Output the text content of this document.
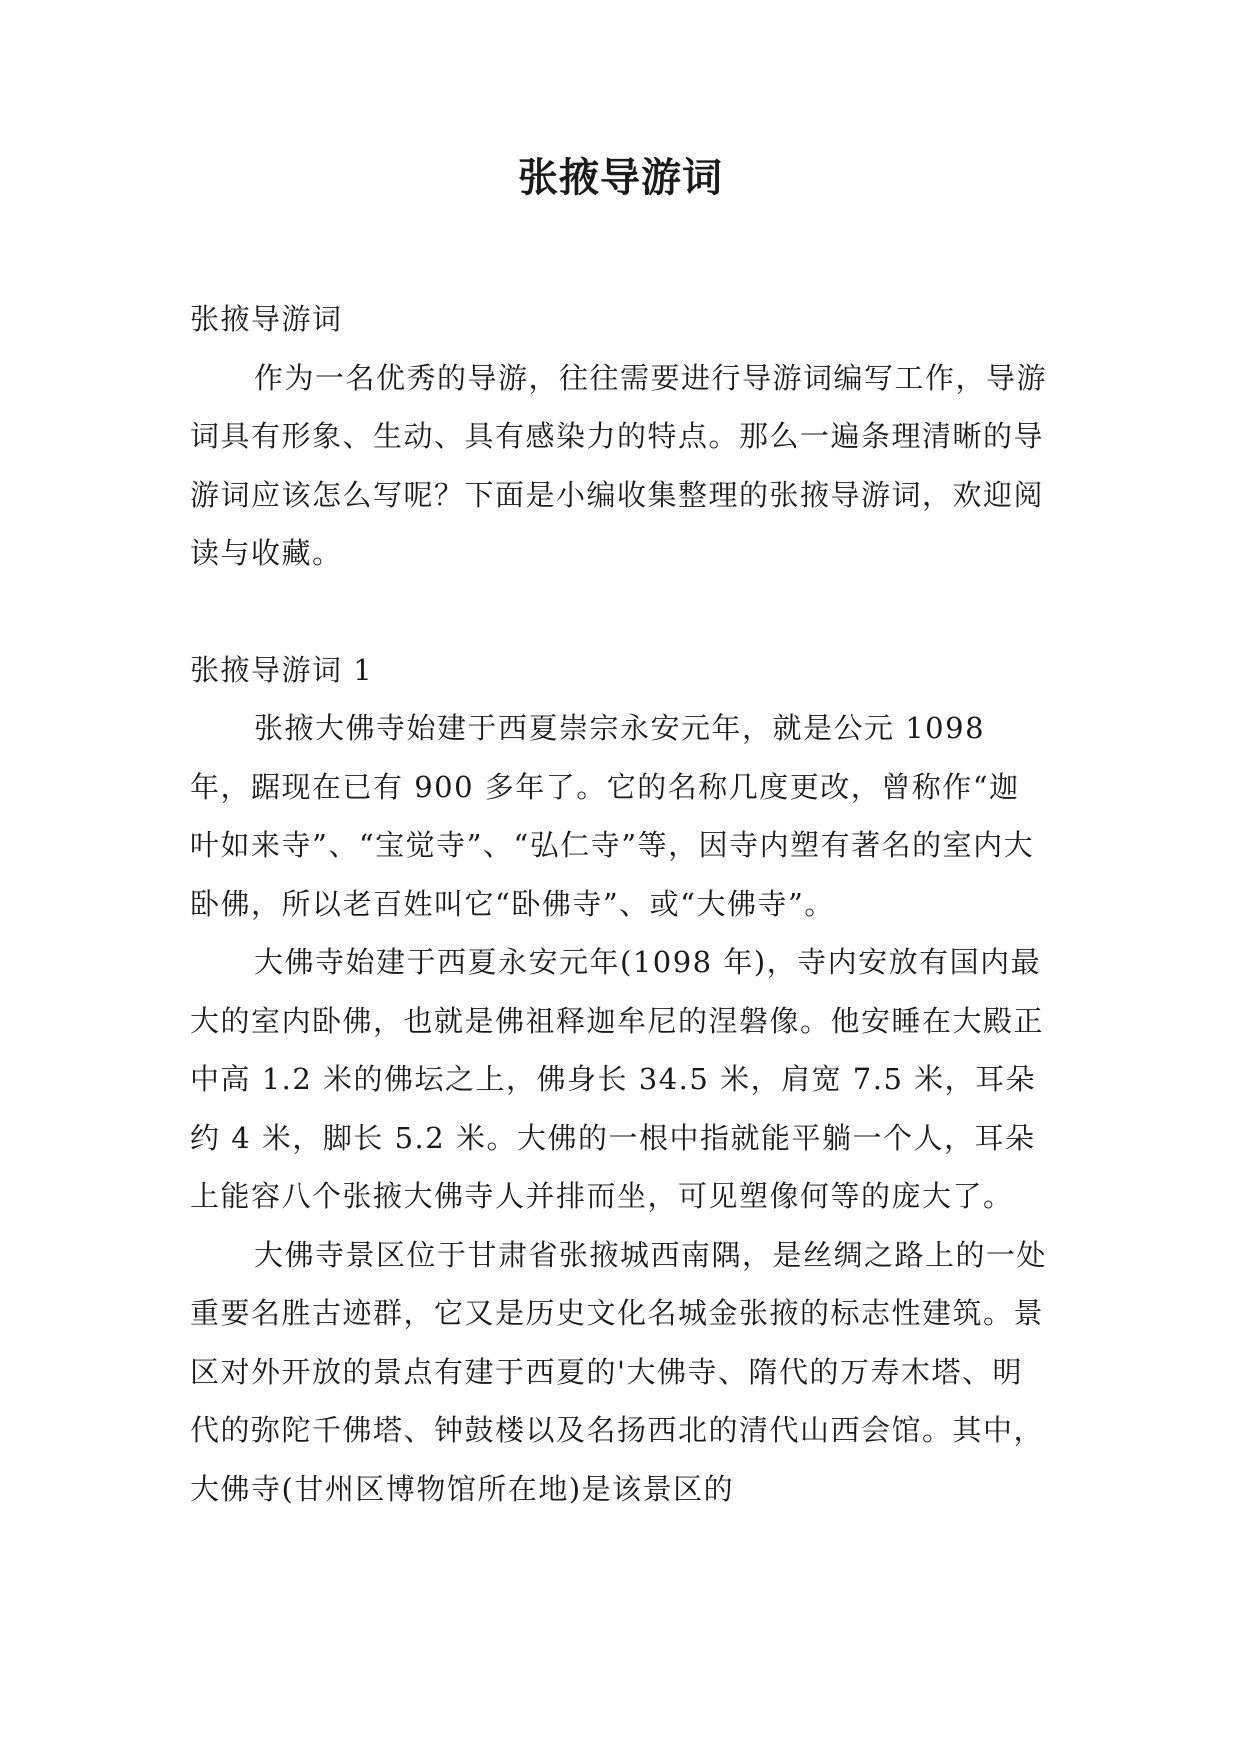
张掖导游词

张掖导游词

作为一名优秀的导游，往往需要进行导游词编写工作，导游词具有形象、生动、具有感染力的特点。那么一遍条理清晰的导游词应该怎么写呢？下面是小编收集整理的张掖导游词，欢迎阅读与收藏。

张掖导游词 1

张掖大佛寺始建于西夏崇宗永安元年，就是公元 1098 年，踞现在已有 900 多年了。它的名称几度更改，曾称作“迦叶如来寺”、“宝觉寺”、“弘仁寺”等，因寺内塑有著名的室内大卧佛，所以老百姓叫它“卧佛寺”、或“大佛寺”。

大佛寺始建于西夏永安元年(1098 年)，寺内安放有国内最大的室内卧佛，也就是佛祖释迦牟尼的涅磐像。他安睡在大殿正中高 1.2 米的佛坛之上，佛身长 34.5 米，肩宽 7.5 米，耳朵约 4 米，脚长 5.2 米。大佛的一根中指就能平躺一个人，耳朵上能容八个张掖大佛寺人并排而坐，可见塑像何等的庞大了。

大佛寺景区位于甘肃省张掖城西南隅，是丝绸之路上的一处重要名胜古迹群，它又是历史文化名城金张掖的标志性建筑。景区对外开放的景点有建于西夏的'大佛寺、隋代的万寿木塔、明代的弥陀千佛塔、钟鼓楼以及名扬西北的清代山西会馆。其中，大佛寺(甘州区博物馆所在地)是该景区的
